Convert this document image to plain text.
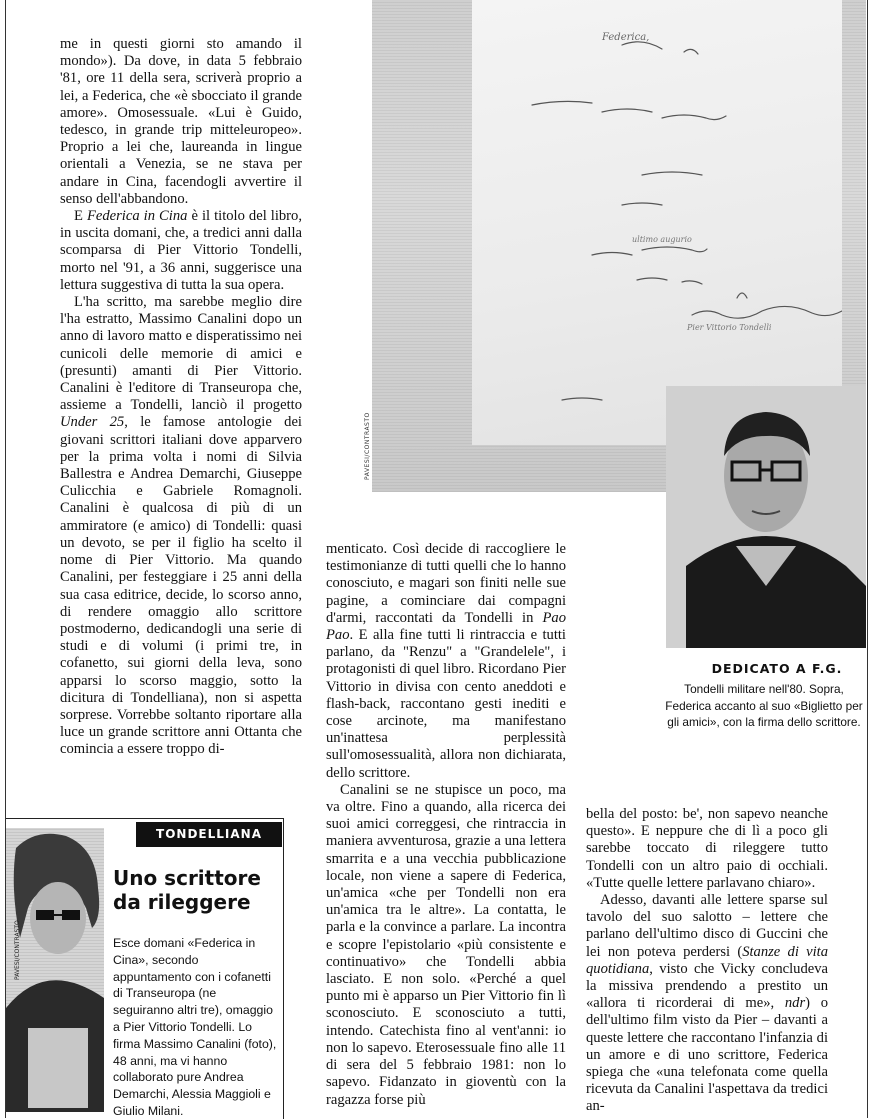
me in questi giorni sto amando il mondo»). Da dove, in data 5 febbraio '81, ore 11 della sera, scriverà proprio a lei, a Federica, che «è sbocciato il grande amore». Omosessuale. «Lui è Guido, tedesco, in grande trip mitteleuropeo». Proprio a lei che, laureanda in lingue orientali a Venezia, se ne stava per andare in Cina, facendogli avvertire il senso dell'abbandono.

E Federica in Cina è il titolo del libro, in uscita domani, che, a tredici anni dalla scomparsa di Pier Vittorio Tondelli, morto nel '91, a 36 anni, suggerisce una lettura suggestiva di tutta la sua opera.

L'ha scritto, ma sarebbe meglio dire l'ha estratto, Massimo Canalini dopo un anno di lavoro matto e disperatissimo nei cunicoli delle memorie di amici e (presunti) amanti di Pier Vittorio. Canalini è l'editore di Transeuropa che, assieme a Tondelli, lanciò il progetto Under 25, le famose antologie dei giovani scrittori italiani dove apparvero per la prima volta i nomi di Silvia Ballestra e Andrea Demarchi, Giuseppe Culicchia e Gabriele Romagnoli. Canalini è qualcosa di più di un ammiratore (e amico) di Tondelli: quasi un devoto, se per il figlio ha scelto il nome di Pier Vittorio. Ma quando Canalini, per festeggiare i 25 anni della sua casa editrice, decide, lo scorso anno, di rendere omaggio allo scrittore postmoderno, dedicandogli una serie di studi e di volumi (i primi tre, in cofanetto, sui giorni della leva, sono apparsi lo scorso maggio, sotto la dicitura di Tondelliana), non si aspetta sorprese. Vorrebbe soltanto riportare alla luce un grande scrittore anni Ottanta che comincia a essere troppo di-

menticato. Così decide di raccogliere le testimonianze di tutti quelli che lo hanno conosciuto, e magari son finiti nelle sue pagine, a cominciare dai compagni d'armi, raccontati da Tondelli in Pao Pao. E alla fine tutti li rintraccia e tutti parlano, da "Renzu" a "Grandelele", i protagonisti di quel libro. Ricordano Pier Vittorio in divisa con cento aneddoti e flash-back, raccontano gesti inediti e cose arcinote, ma manifestano un'inattesa perplessità sull'omosessualità, allora non dichiarata, dello scrittore.

Canalini se ne stupisce un poco, ma va oltre. Fino a quando, alla ricerca dei suoi amici correggesi, che rintraccia in maniera avventurosa, grazie a una lettera smarrita e a una vecchia pubblicazione locale, non viene a sapere di Federica, un'amica «che per Tondelli non era un'amica tra le altre». La contatta, le parla e la convince a parlare. La incontra e scopre l'epistolario «più consistente e continuativo» che Tondelli abbia lasciato. E non solo. «Perché a quel punto mi è apparso un Pier Vittorio fin lì sconosciuto. E sconosciuto a tutti, intendo. Catechista fino al vent'anni: io non lo sapevo. Eterosessuale fino alle 11 di sera del 5 febbraio 1981: non lo sapevo. Fidanzato in gioventù con la ragazza forse più

bella del posto: be', non sapevo neanche questo». E neppure che di lì a poco gli sarebbe toccato di rileggere tutto Tondelli con un altro paio di occhiali. «Tutte quelle lettere parlavano chiaro».

Adesso, davanti alle lettere sparse sul tavolo del suo salotto – lettere che parlano dell'ultimo disco di Guccini che lei non poteva perdersi (Stanze di vita quotidiana, visto che Vicky concludeva la missiva prendendo a prestito un «allora ti ricorderai di me», ndr) o dell'ultimo film visto da Pier – davanti a queste lettere che raccontano l'infanzia di un amore e di uno scrittore, Federica spiega che «una telefonata come quella ricevuta da Canalini l'aspettava da tredici an-

Federica,
ultimo augurio
Pier Vittorio Tondelli
PAVESI/CONTRASTO
DEDICATO A F.G.
Tondelli militare nell'80. Sopra, Federica accanto al suo «Biglietto per gli amici», con la firma dello scrittore.
PAVESI/CONTRASTO
TONDELLIANA
Uno scrittore
da rileggere
Esce domani «Federica in Cina», secondo appuntamento con i cofanetti di Transeuropa (ne seguiranno altri tre), omaggio a Pier Vittorio Tondelli. Lo firma Massimo Canalini (foto), 48 anni, ma vi hanno collaborato pure Andrea Demarchi, Alessia Maggioli e Giulio Milani.
